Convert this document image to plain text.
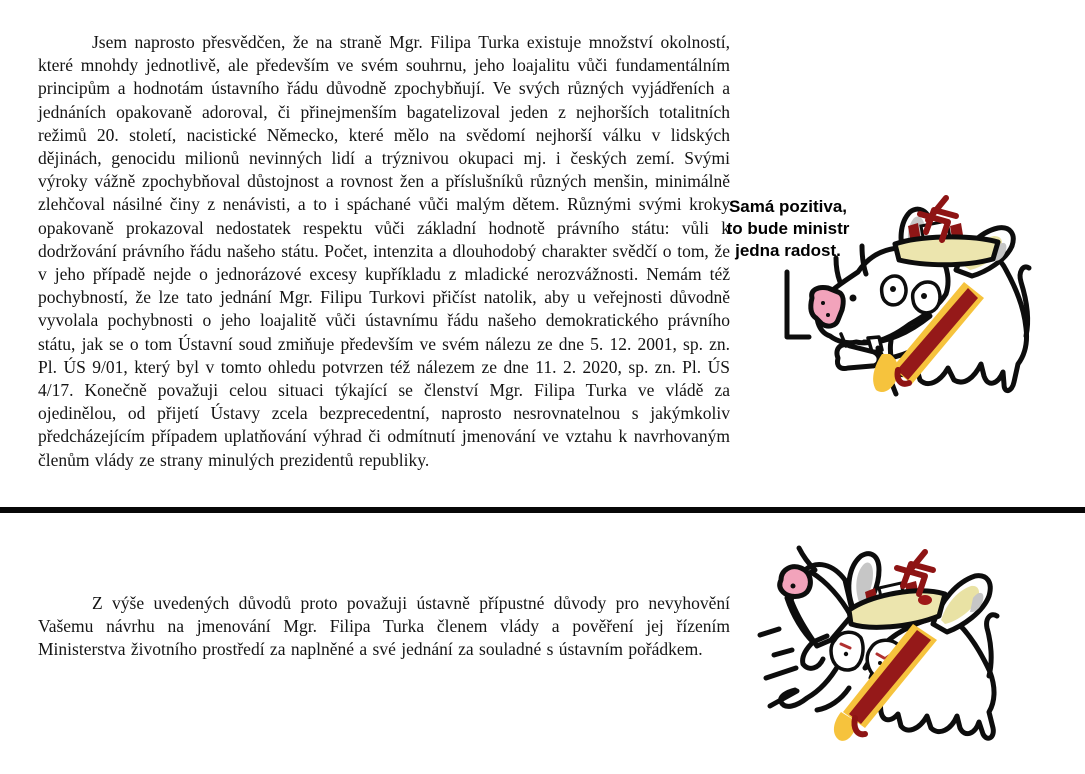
Jsem naprosto přesvědčen, že na straně Mgr. Filipa Turka existuje množství okolností, které mnohdy jednotlivě, ale především ve svém souhrnu, jeho loajalitu vůči fundamentálním principům a hodnotám ústavního řádu důvodně zpochybňují. Ve svých různých vyjádřeních a jednáních opakovaně adoroval, či přinejmenším bagatelizoval jeden z nejhorších totalitních režimů 20. století, nacistické Německo, které mělo na svědomí nejhorší válku v lidských dějinách, genocidu milionů nevinných lidí a trýznivou okupaci mj. i českých zemí. Svými výroky vážně zpochybňoval důstojnost a rovnost žen a příslušníků různých menšin, minimálně zlehčoval násilné činy z nenávisti, a to i spáchané vůči malým dětem. Různými svými kroky opakovaně prokazoval nedostatek respektu vůči základní hodnotě právního státu: vůli k dodržování právního řádu našeho státu. Počet, intenzita a dlouhodobý charakter svědčí o tom, že v jeho případě nejde o jednorázové excesy kupříkladu z mladické nerozvážnosti. Nemám též pochybností, že lze tato jednání Mgr. Filipu Turkovi přičíst natolik, aby u veřejnosti důvodně vyvolala pochybnosti o jeho loajalitě vůči ústavnímu řádu našeho demokratického právního státu, jak se o tom Ústavní soud zmiňuje především ve svém nálezu ze dne 5. 12. 2001, sp. zn. Pl. ÚS 9/01, který byl v tomto ohledu potvrzen též nálezem ze dne 11. 2. 2020, sp. zn. Pl. ÚS 4/17. Konečně považuji celou situaci týkající se členství Mgr. Filipa Turka ve vládě za ojedinělou, od přijetí Ústavy zcela bezprecedentní, naprosto nesrovnatelnou s jakýmkoliv předcházejícím případem uplatňování výhrad či odmítnutí jmenování ve vztahu k navrhovaným členům vlády ze strany minulých prezidentů republiky.

Z výše uvedených důvodů proto považuji ústavně přípustné důvody pro nevyhovění Vašemu návrhu na jmenování Mgr. Filipa Turka členem vlády a pověření jej řízením Ministerstva životního prostředí za naplněné a své jednání za souladné s ústavním pořádkem.

Samá pozitiva,
to bude ministr
jedna radost.
